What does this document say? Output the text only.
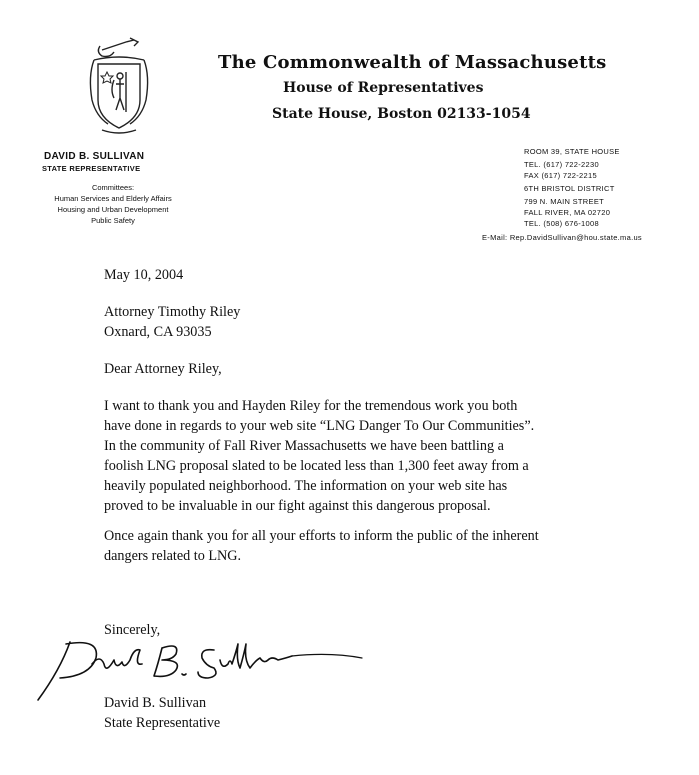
The Commonwealth of Massachusetts
House of Representatives
State House, Boston 02133-1054
DAVID B. SULLIVAN
STATE REPRESENTATIVE
Committees:
Human Services and Elderly Affairs
Housing and Urban Development
Public Safety
ROOM 39, STATE HOUSE
TEL. (617) 722-2230
FAX (617) 722-2215
6TH BRISTOL DISTRICT
799 N. MAIN STREET
FALL RIVER, MA 02720
TEL. (508) 676-1008
E-Mail: Rep.DavidSullivan@hou.state.ma.us
May 10, 2004
Attorney Timothy Riley
Oxnard, CA 93035
Dear Attorney Riley,
I want to thank you and Hayden Riley for the tremendous work you both
have done in regards to your web site “LNG Danger To Our Communities”.
In the community of Fall River Massachusetts we have been battling a
foolish LNG proposal slated to be located less than 1,300 feet away from a
heavily populated neighborhood. The information on your web site has
proved to be invaluable in our fight against this dangerous proposal.
Once again thank you for all your efforts to inform the public of the inherent
dangers related to LNG.
Sincerely,
David B. Sullivan
State Representative
